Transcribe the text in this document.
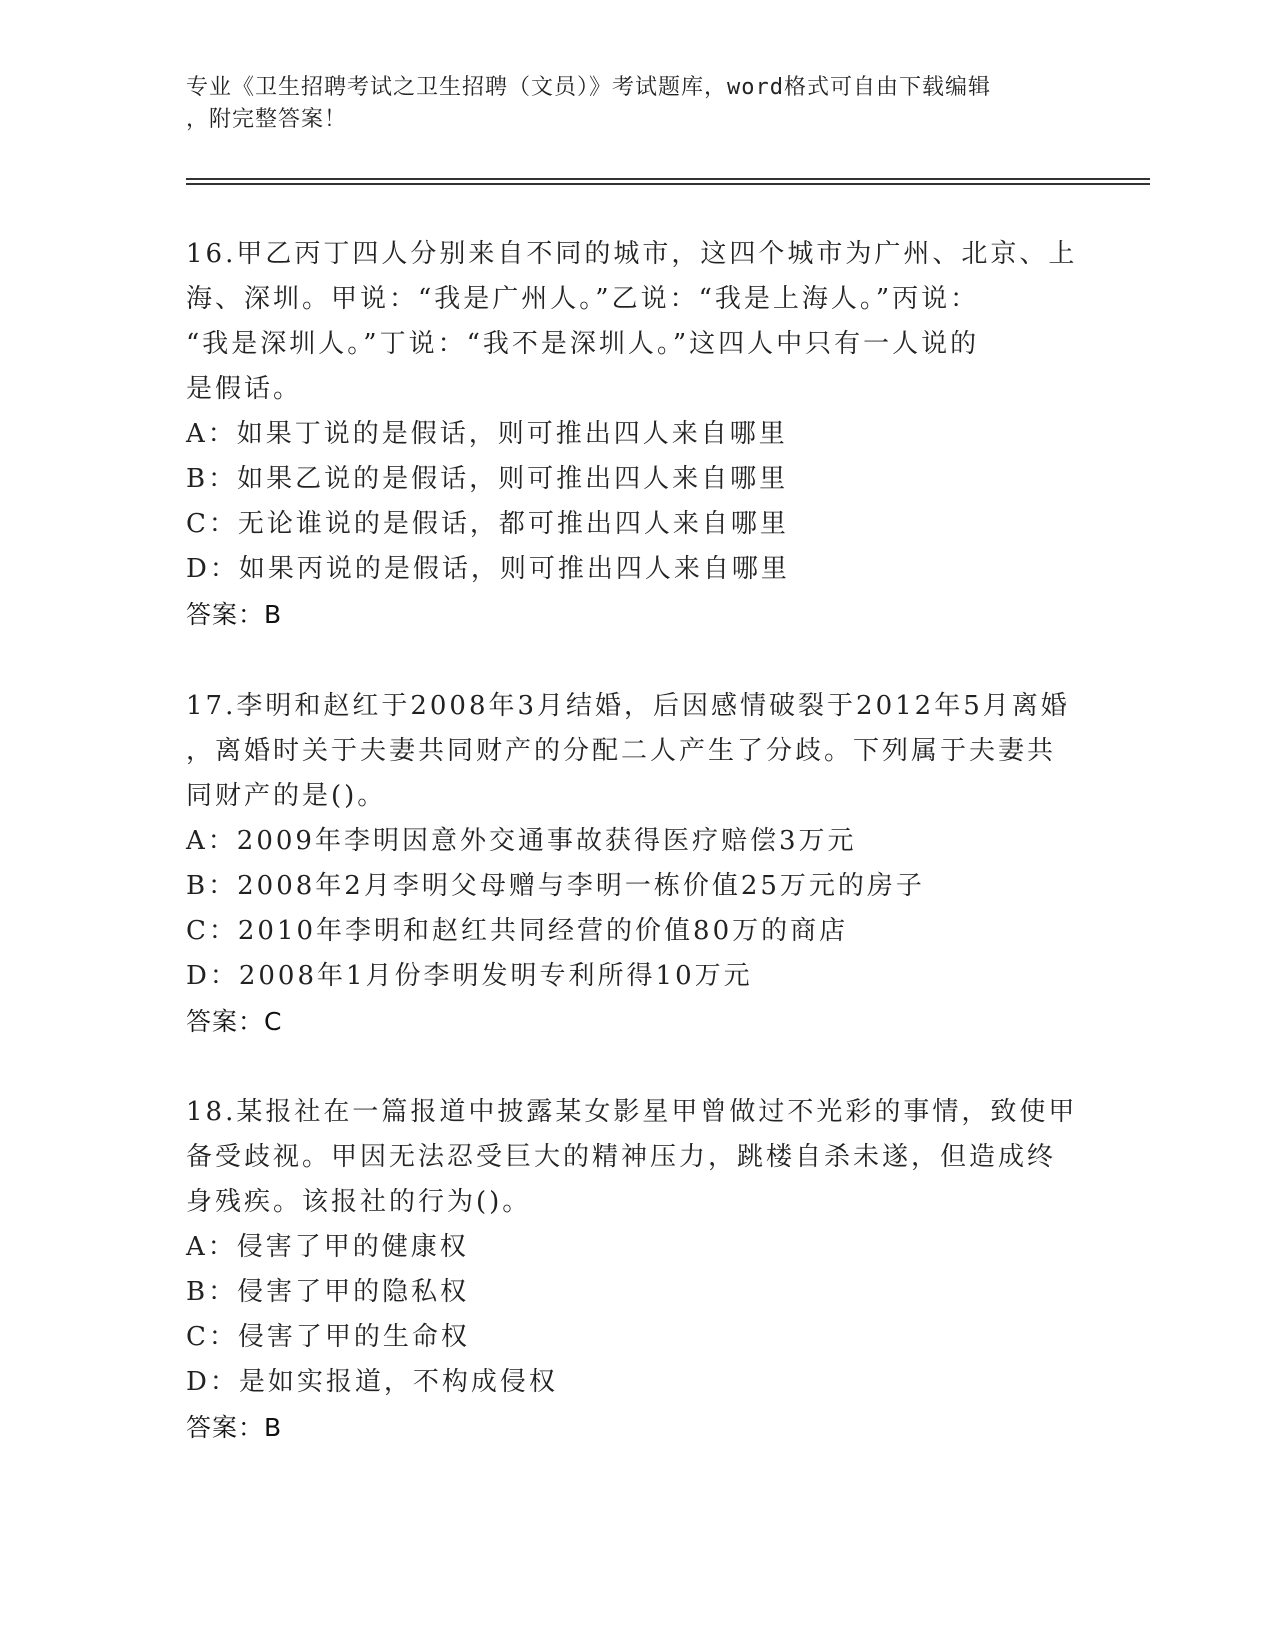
专业《卫生招聘考试之卫生招聘（文员）》考试题库，word格式可自由下载编辑
，附完整答案！
16.甲乙丙丁四人分别来自不同的城市，这四个城市为广州、北京、上
海、深圳。甲说：“我是广州人。”乙说：“我是上海人。”丙说：
“我是深圳人。”丁说：“我不是深圳人。”这四人中只有一人说的
是假话。
A：如果丁说的是假话，则可推出四人来自哪里
B：如果乙说的是假话，则可推出四人来自哪里
C：无论谁说的是假话，都可推出四人来自哪里
D：如果丙说的是假话，则可推出四人来自哪里
答案：B
17.李明和赵红于2008年3月结婚，后因感情破裂于2012年5月离婚
，离婚时关于夫妻共同财产的分配二人产生了分歧。下列属于夫妻共
同财产的是()。
A：2009年李明因意外交通事故获得医疗赔偿3万元
B：2008年2月李明父母赠与李明一栋价值25万元的房子
C：2010年李明和赵红共同经营的价值80万的商店
D：2008年1月份李明发明专利所得10万元
答案：C
18.某报社在一篇报道中披露某女影星甲曾做过不光彩的事情，致使甲
备受歧视。甲因无法忍受巨大的精神压力，跳楼自杀未遂，但造成终
身残疾。该报社的行为()。
A：侵害了甲的健康权
B：侵害了甲的隐私权
C：侵害了甲的生命权
D：是如实报道，不构成侵权
答案：B
